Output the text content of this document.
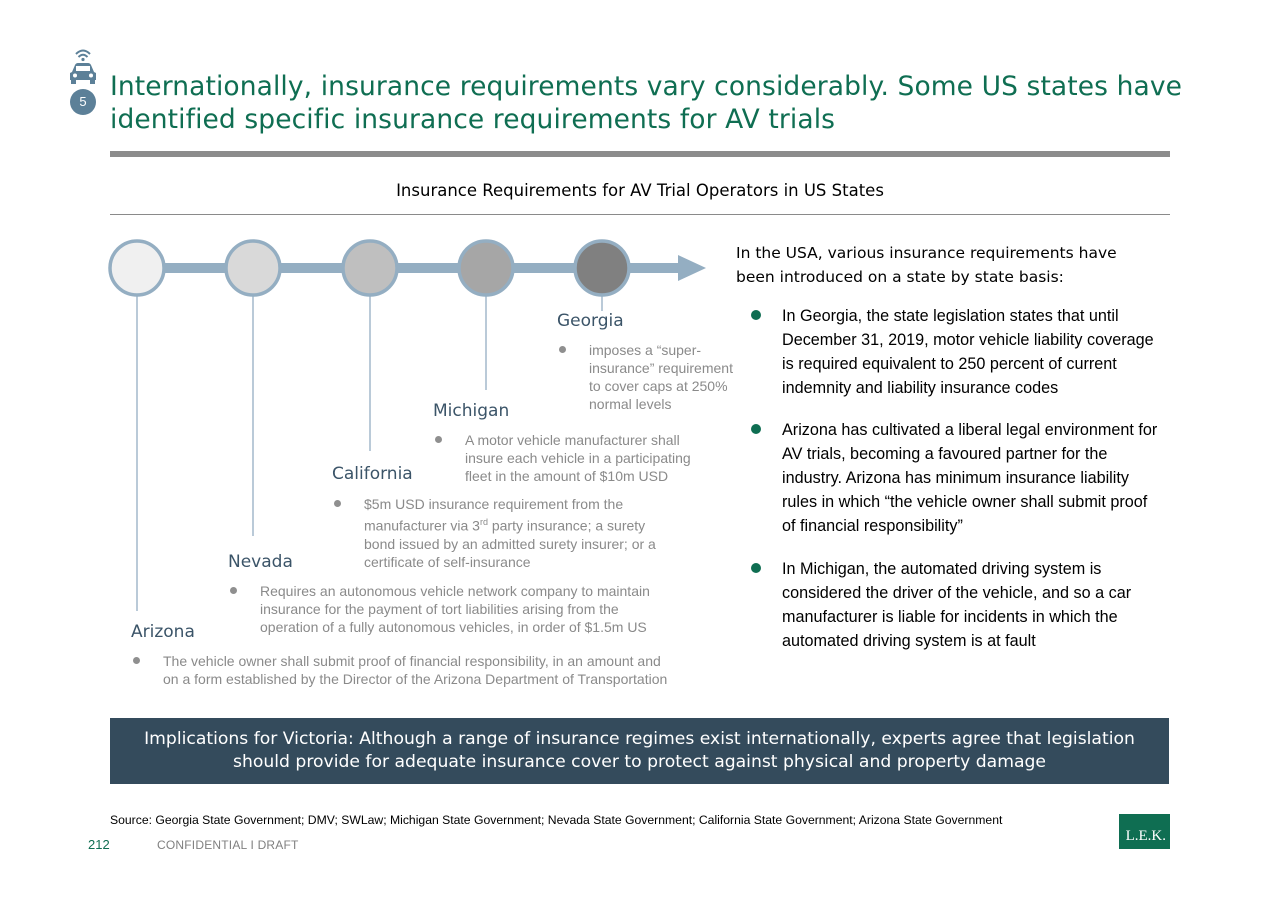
5 Internationally, insurance requirements vary considerably. Some US states have identified specific insurance requirements for AV trials
Insurance Requirements for AV Trial Operators in US States
Georgia
imposes a “super-
insurance” requirement
to cover caps at 250%
normal levels
Michigan
A motor vehicle manufacturer shall
insure each vehicle in a participating
fleet in the amount of $10m USD
California
$5m USD insurance requirement from the
manufacturer via 3rd party insurance; a surety
bond issued by an admitted surety insurer; or a
certificate of self-insurance
Nevada
Requires an autonomous vehicle network company to maintain
insurance for the payment of tort liabilities arising from the
operation of a fully autonomous vehicles, in order of $1.5m US
Arizona
The vehicle owner shall submit proof of financial responsibility, in an amount and
on a form established by the Director of the Arizona Department of Transportation
In the USA, various insurance requirements have
been introduced on a state by state basis:
In Georgia, the state legislation states that until
December 31, 2019, motor vehicle liability coverage
is required equivalent to 250 percent of current
indemnity and liability insurance codes
Arizona has cultivated a liberal legal environment for
AV trials, becoming a favoured partner for the
industry. Arizona has minimum insurance liability
rules in which “the vehicle owner shall submit proof
of financial responsibility”
In Michigan, the automated driving system is
considered the driver of the vehicle, and so a car
manufacturer is liable for incidents in which the
automated driving system is at fault
Implications for Victoria: Although a range of insurance regimes exist internationally, experts agree that legislation
should provide for adequate insurance cover to protect against physical and property damage
Source: Georgia State Government; DMV; SWLaw; Michigan State Government; Nevada State Government; California State Government; Arizona State Government
212	CONFIDENTIAL I DRAFT
L.E.K.
